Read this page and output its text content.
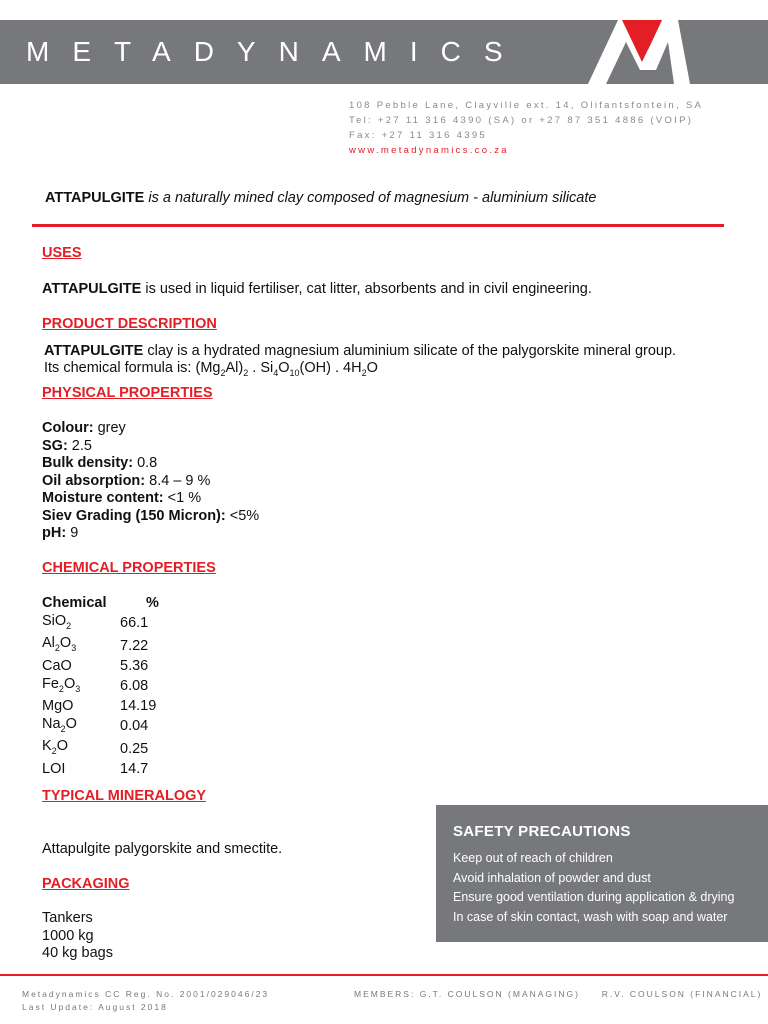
METADYNAMICS
108 Pebble Lane, Clayville ext. 14, Olifantsfontein, SA
Tel: +27 11 316 4390 (SA) or +27 87 351 4886 (VOIP)
Fax: +27 11 316 4395
www.metadynamics.co.za
ATTAPULGITE is a naturally mined clay composed of magnesium - aluminium silicate
USES
ATTAPULGITE is used in liquid fertiliser, cat litter, absorbents and in civil engineering.
PRODUCT DESCRIPTION
ATTAPULGITE clay is a hydrated magnesium aluminium silicate of the palygorskite mineral group.
Its chemical formula is: $(Mg_2Al)_2$ . $Si_4O_{10}(OH)$ . $4H_2O$
PHYSICAL PROPERTIES
Colour: grey
SG: 2.5
Bulk density: 0.8
Oil absorption: 8.4 – 9 %
Moisture content: <1 %
Siev Grading (150 Micron): <5%
pH: 9
CHEMICAL PROPERTIES
Chemical	%
SiO$_2$	66.1
$Al_2O_3$	7.22
CaO	5.36
$Fe_2O_3$	6.08
MgO	14.19
$Na_2O$	0.04
$K_2O$	0.25
LOI	14.7
TYPICAL MINERALOGY
Attapulgite palygorskite and smectite.
PACKAGING
Tankers
1000 kg
40 kg bags
SAFETY PRECAUTIONS
Keep out of reach of children
Avoid inhalation of powder and dust
Ensure good ventilation during application & drying
In case of skin contact, wash with soap and water
Metadynamics CC Reg. No. 2001/029046/23
Last Update: August 2018
MEMBERS: G.T. COULSON (MANAGING)     R.V. COULSON (FINANCIAL)
